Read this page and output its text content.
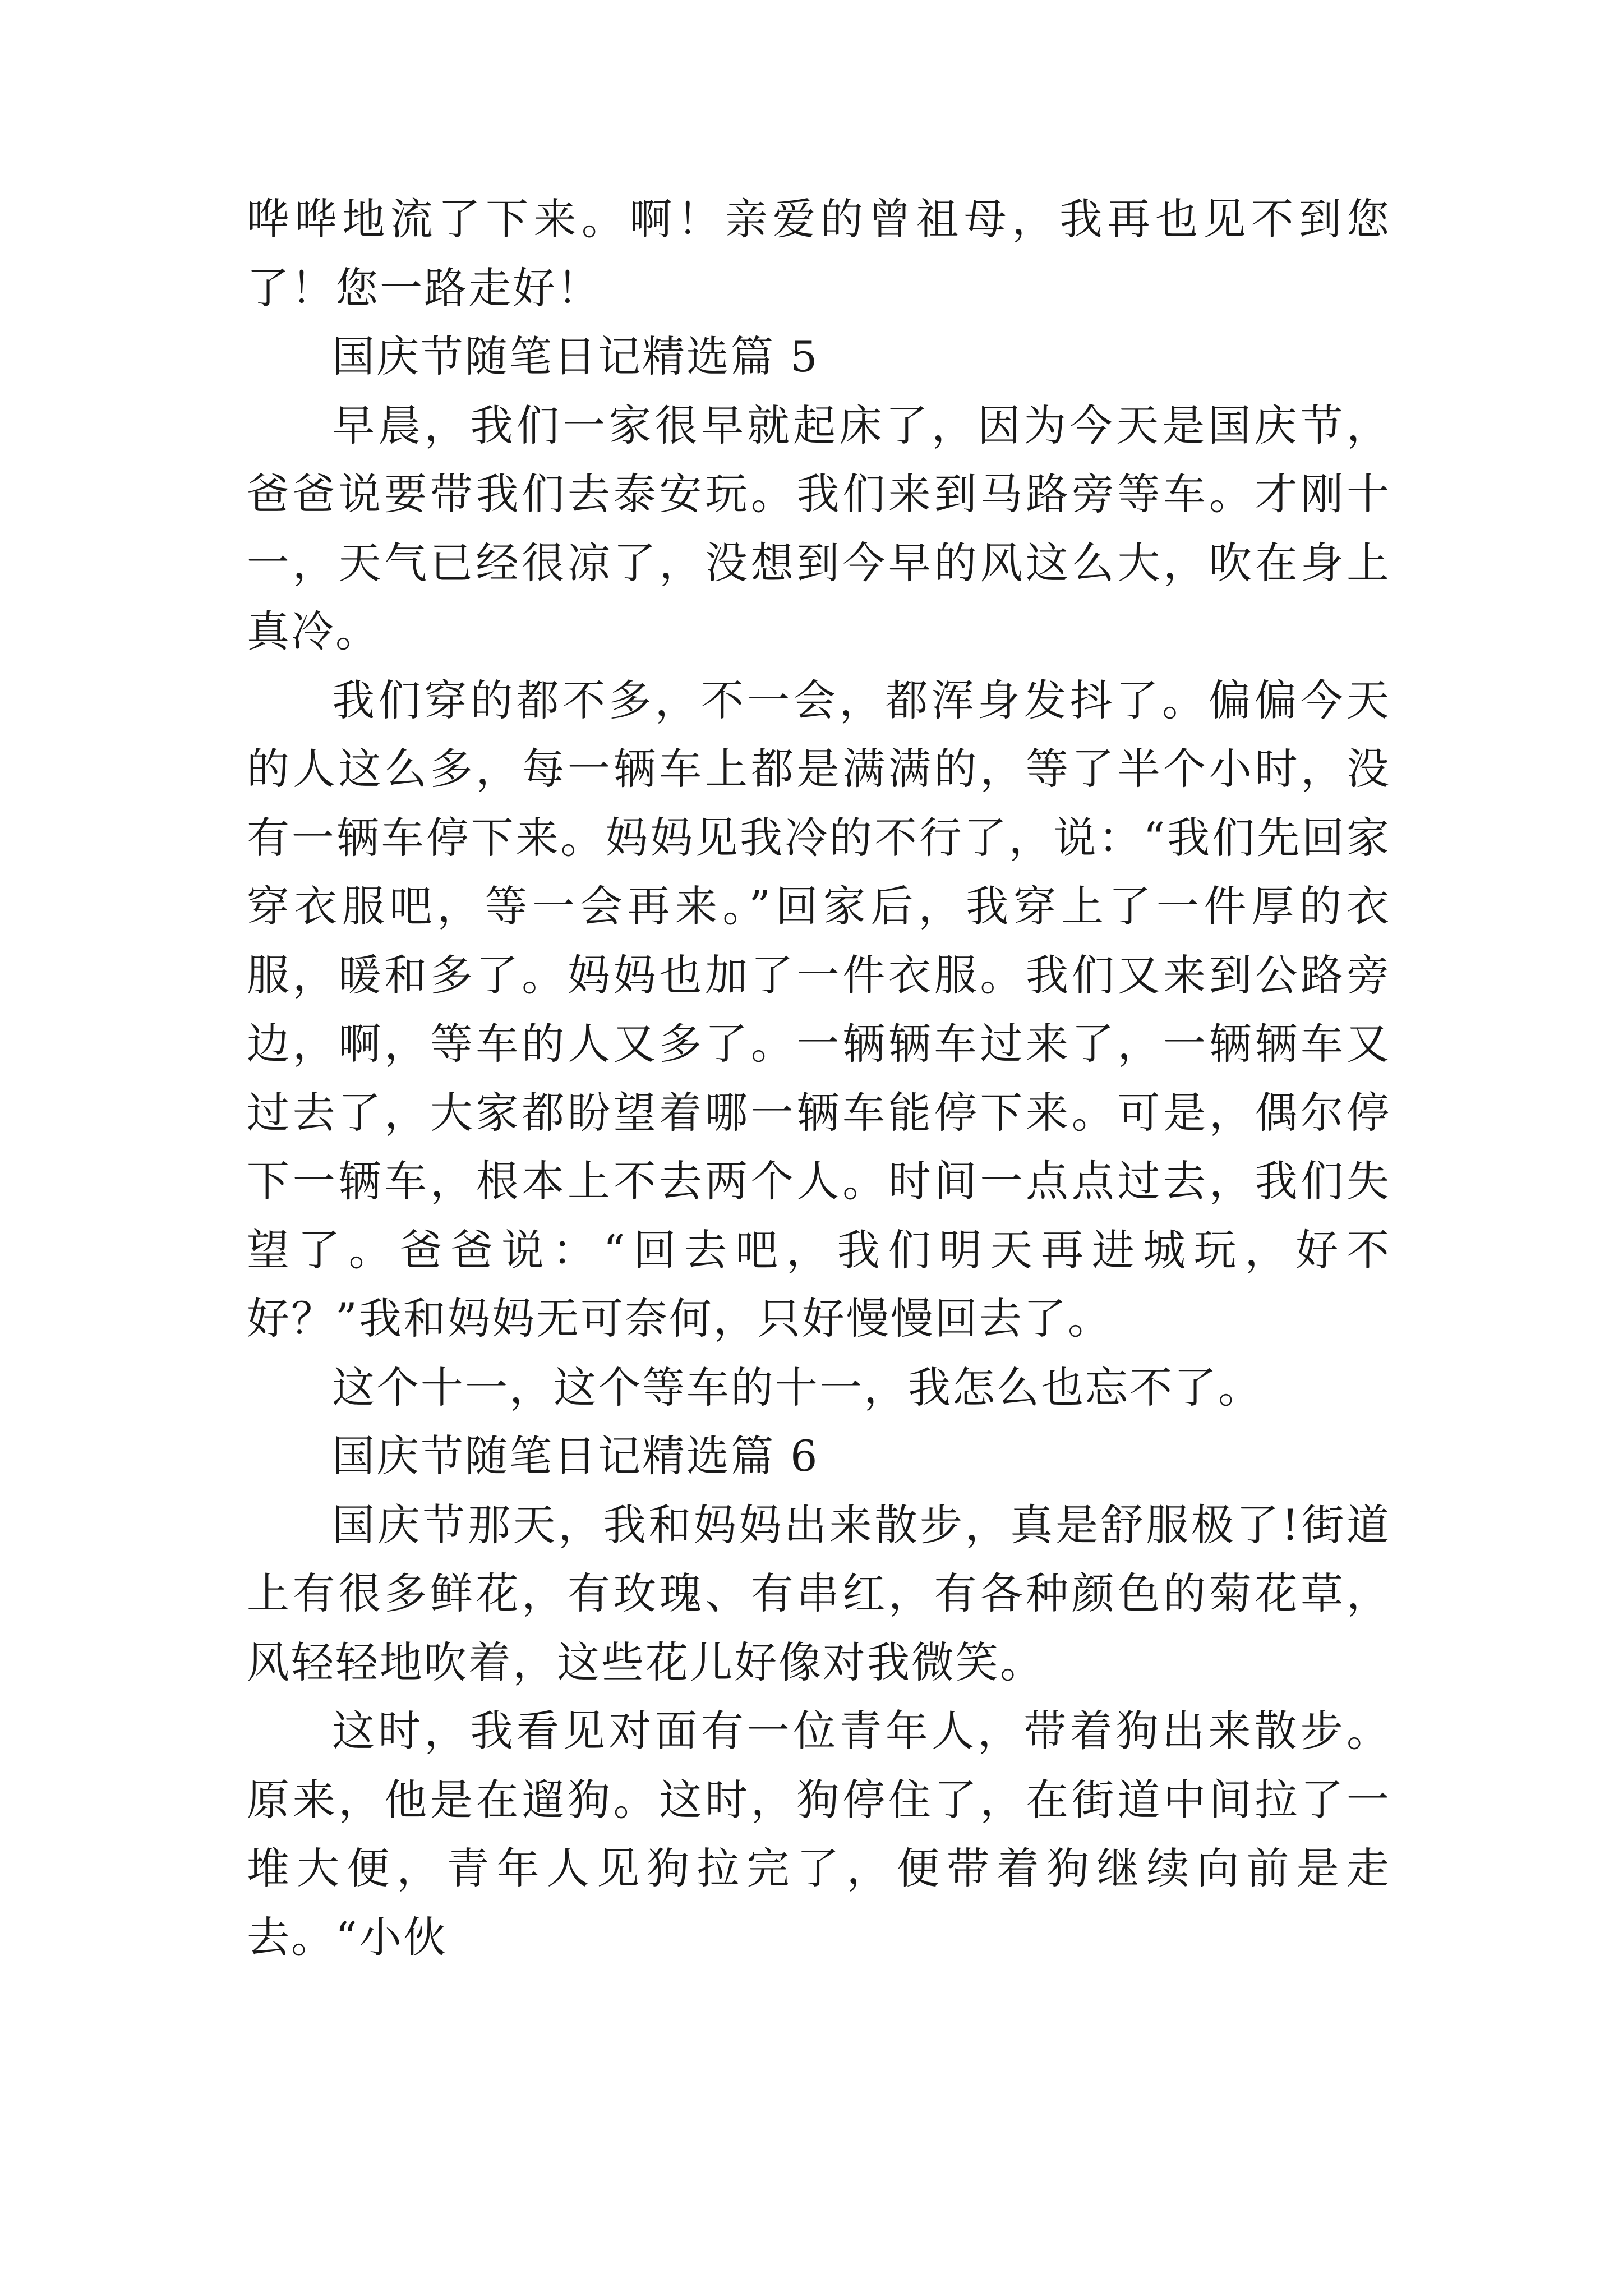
哗哗地流了下来。啊！亲爱的曾祖母，我再也见不到您了！您一路走好！

国庆节随笔日记精选篇 5

早晨，我们一家很早就起床了，因为今天是国庆节，爸爸说要带我们去泰安玩。我们来到马路旁等车。才刚十一，天气已经很凉了，没想到今早的风这么大，吹在身上真冷。

我们穿的都不多，不一会，都浑身发抖了。偏偏今天的人这么多，每一辆车上都是满满的，等了半个小时，没有一辆车停下来。妈妈见我冷的不行了，说：“我们先回家穿衣服吧，等一会再来。”回家后，我穿上了一件厚的衣服，暖和多了。妈妈也加了一件衣服。我们又来到公路旁边，啊，等车的人又多了。一辆辆车过来了，一辆辆车又过去了，大家都盼望着哪一辆车能停下来。可是，偶尔停下一辆车，根本上不去两个人。时间一点点过去，我们失望了。爸爸说：“回去吧，我们明天再进城玩，好不好？”我和妈妈无可奈何，只好慢慢回去了。

这个十一，这个等车的十一，我怎么也忘不了。

国庆节随笔日记精选篇 6

国庆节那天，我和妈妈出来散步，真是舒服极了!街道上有很多鲜花，有玫瑰、有串红，有各种颜色的菊花草，风轻轻地吹着，这些花儿好像对我微笑。

这时，我看见对面有一位青年人，带着狗出来散步。原来，他是在遛狗。这时，狗停住了，在街道中间拉了一堆大便，青年人见狗拉完了，便带着狗继续向前是走去。“小伙
